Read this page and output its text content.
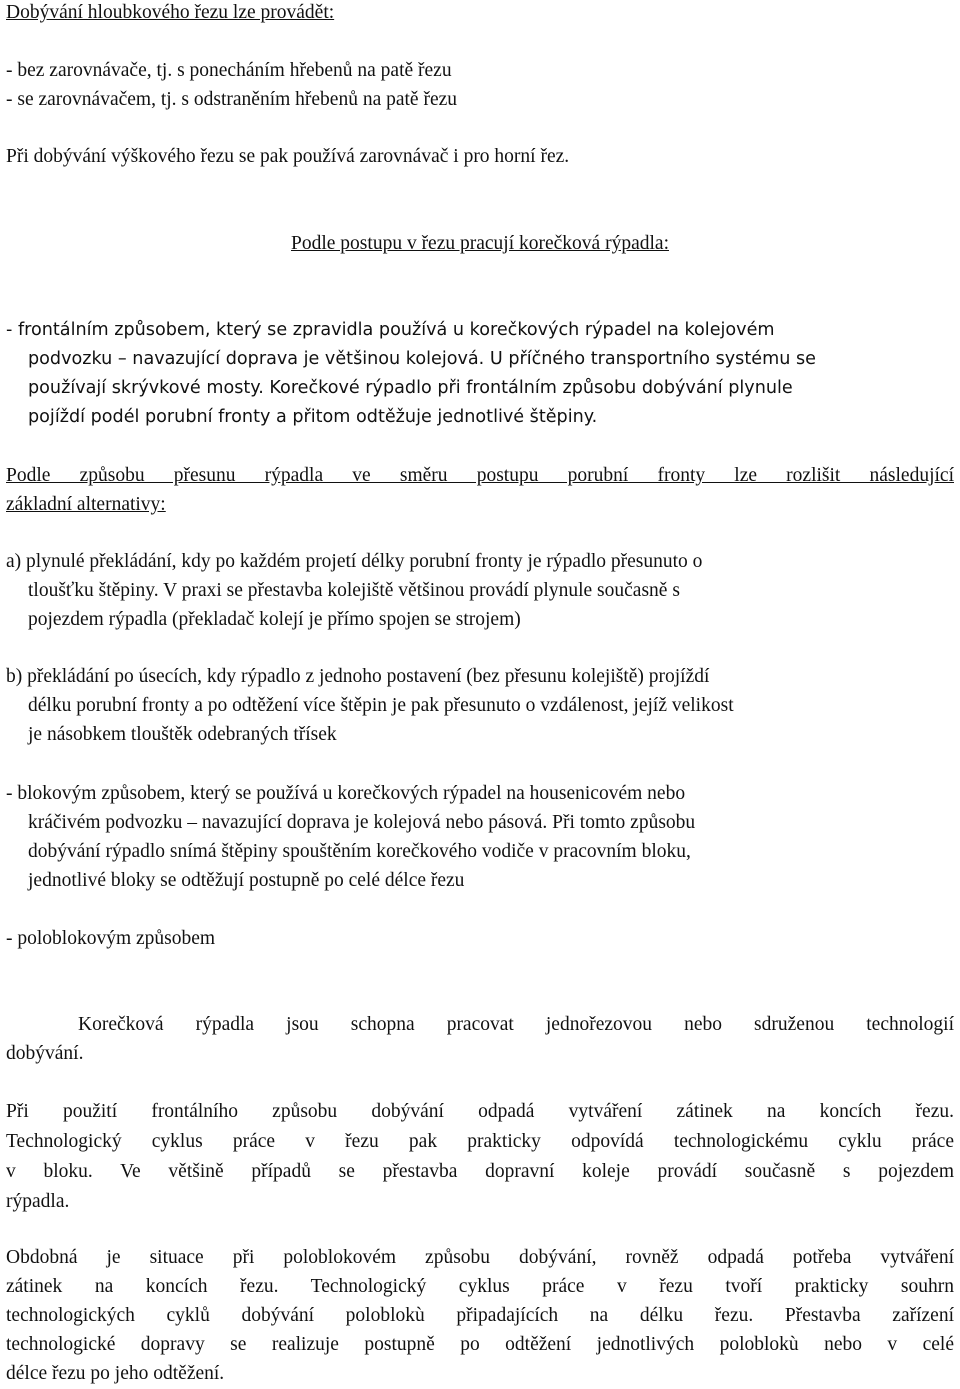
Dobývání hloubkového řezu lze provádět:
- bez zarovnávače, tj. s ponecháním hřebenů na patě řezu
- se zarovnávačem, tj. s odstraněním hřebenů na patě řezu
Při dobývání výškového řezu se pak používá zarovnávač i pro horní řez.
Podle postupu v řezu pracují korečková rýpadla:
- frontálním způsobem, který se zpravidla používá u korečkových rýpadel na kolejovém
podvozku – navazující doprava je většinou kolejová. U příčného transportního systému se
používají skrývkové mosty. Korečkové rýpadlo při frontálním způsobu dobývání plynule
pojíždí podél porubní fronty a přitom odtěžuje jednotlivé štěpiny.
Podle způsobu přesunu rýpadla ve směru postupu porubní fronty lze rozlišit následující
základní alternativy:
a) plynulé překládání, kdy po každém projetí délky porubní fronty je rýpadlo přesunuto o
tloušťku štěpiny. V praxi se přestavba kolejiště většinou provádí plynule současně s
pojezdem rýpadla (překladač kolejí je přímo spojen se strojem)
b) překládání po úsecích, kdy rýpadlo z jednoho postavení (bez přesunu kolejiště) projíždí
délku porubní fronty a po odtěžení více štěpin je pak přesunuto o vzdálenost, jejíž velikost
je násobkem tlouštěk odebraných třísek
- blokovým způsobem, který se používá u korečkových rýpadel na housenicovém nebo
kráčivém podvozku – navazující doprava je kolejová nebo pásová. Při tomto způsobu
dobývání rýpadlo snímá štěpiny spouštěním korečkového vodiče v pracovním bloku,
jednotlivé bloky se odtěžují postupně po celé délce řezu
- poloblokovým způsobem
Korečková rýpadla jsou schopna pracovat jednořezovou nebo sdruženou technologií
dobývání.
Při použití frontálního způsobu dobývání odpadá vytváření zátinek na koncích řezu.
Technologický cyklus práce v řezu pak prakticky odpovídá technologickému cyklu práce
v bloku. Ve většině případů se přestavba dopravní koleje provádí současně s pojezdem
rýpadla.
Obdobná je situace při poloblokovém způsobu dobývání, rovněž odpadá potřeba vytváření
zátinek na koncích řezu. Technologický cyklus práce v řezu tvoří prakticky souhrn
technologických cyklů dobývání poloblokù připadajících na délku řezu. Přestavba zařízení
technologické dopravy se realizuje postupně po odtěžení jednotlivých poloblokù nebo v celé
délce řezu po jeho odtěžení.
